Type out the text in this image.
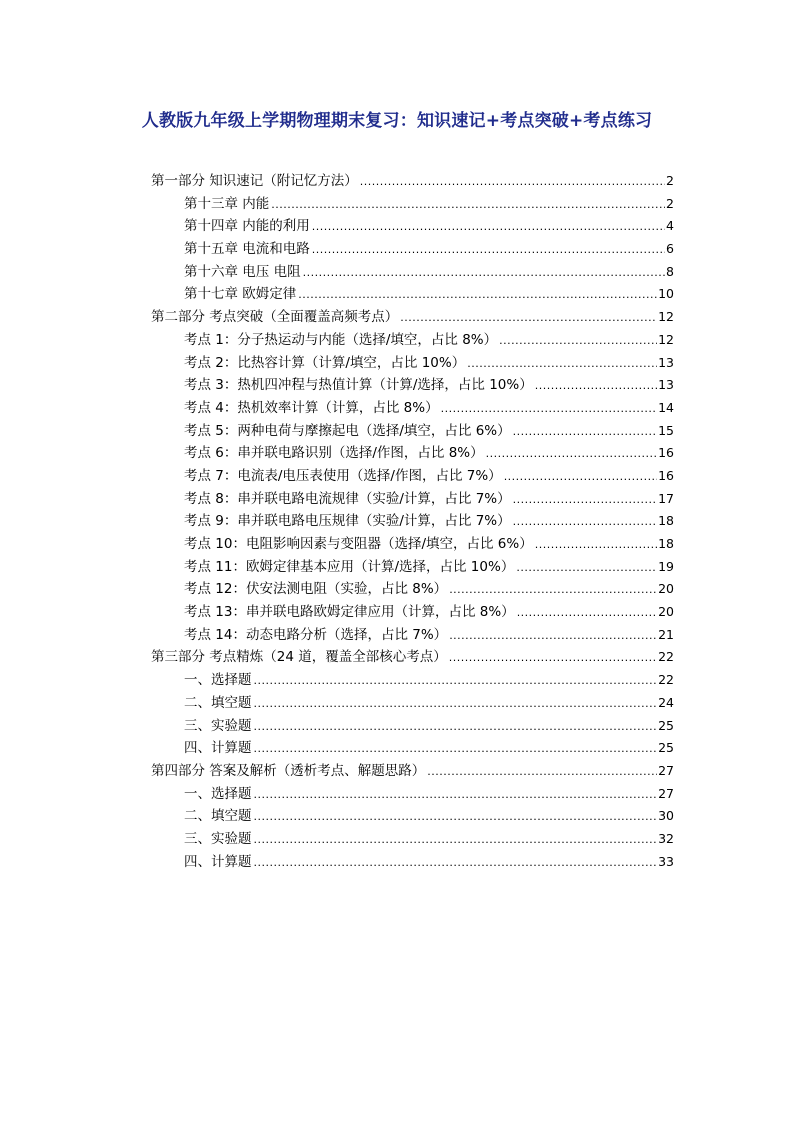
人教版九年级上学期物理期末复习：知识速记+考点突破+考点练习
第一部分 知识速记（附记忆方法） .....	2
第十三章 内能 .....	2
第十四章 内能的利用 .....	4
第十五章 电流和电路 .....	6
第十六章 电压 电阻 .....	8
第十七章 欧姆定律 .....	10
第二部分 考点突破（全面覆盖高频考点） .....	12
考点 1：分子热运动与内能（选择/填空，占比 8%） .....	12
考点 2：比热容计算（计算/填空，占比 10%） .....	13
考点 3：热机四冲程与热值计算（计算/选择，占比 10%） .....	13
考点 4：热机效率计算（计算，占比 8%） .....	14
考点 5：两种电荷与摩擦起电（选择/填空，占比 6%） .....	15
考点 6：串并联电路识别（选择/作图，占比 8%） .....	16
考点 7：电流表/电压表使用（选择/作图，占比 7%） .....	16
考点 8：串并联电路电流规律（实验/计算，占比 7%） .....	17
考点 9：串并联电路电压规律（实验/计算，占比 7%） .....	18
考点 10：电阻影响因素与变阻器（选择/填空，占比 6%） .....	18
考点 11：欧姆定律基本应用（计算/选择，占比 10%） .....	19
考点 12：伏安法测电阻（实验，占比 8%） .....	20
考点 13：串并联电路欧姆定律应用（计算，占比 8%） .....	20
考点 14：动态电路分析（选择，占比 7%） .....	21
第三部分 考点精炼（24 道，覆盖全部核心考点） .....	22
一、选择题 .....	22
二、填空题 .....	24
三、实验题 .....	25
四、计算题 .....	25
第四部分 答案及解析（透析考点、解题思路） .....	27
一、选择题 .....	27
二、填空题 .....	30
三、实验题 .....	32
四、计算题 .....	33
